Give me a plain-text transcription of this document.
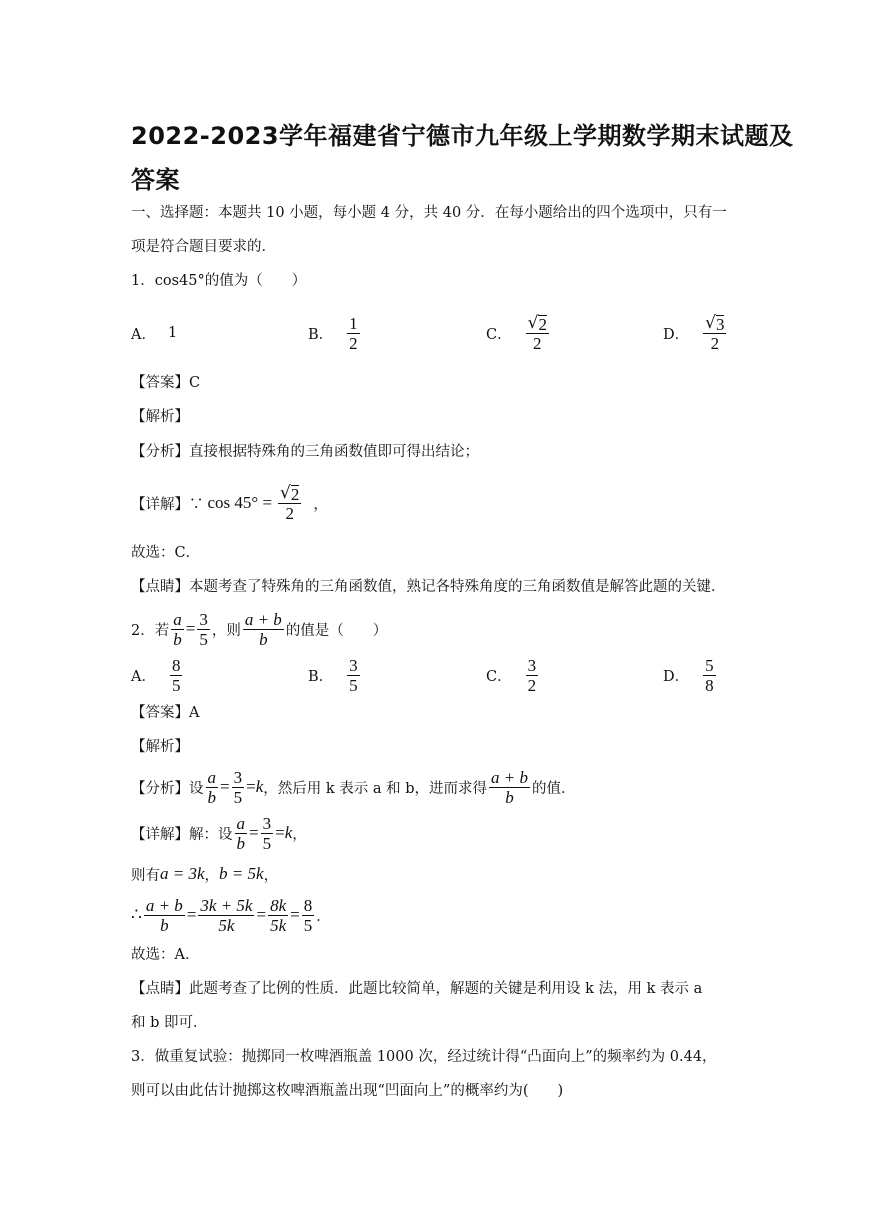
2022-2023学年福建省宁德市九年级上学期数学期末试题及
答案
一、选择题：本题共 10 小题，每小题 4 分，共 40 分．在每小题给出的四个选项中，只有一
项是符合题目要求的．
1．cos45°的值为（　　）
A． 1	B． $\frac{1}{2}$	C． $\frac{√ 2}{2}$	D． $\frac{√ 3}{2}$
【答案】C
【解析】
【分析】直接根据特殊角的三角函数值即可得出结论；
【详解】∵ $\cos 45^\circ = \frac{√ 2}{2}$ ，
故选：C．
【点睛】本题考查了特殊角的三角函数值，熟记各特殊角度的三角函数值是解答此题的关键．
2．若 $\frac{a}{b} = \frac{3}{5}$ ，则 $\frac{a + b}{b}$ 的值是（　　）
A． $\frac{8}{5}$	B． $\frac{3}{5}$	C． $\frac{3}{2}$	D． $\frac{5}{8}$
【答案】A
【解析】
【分析】设 $\frac{a}{b} = \frac{3}{5} = k$ ，然后用 k 表示 a 和 b，进而求得 $\frac{a + b}{b}$ 的值．
【详解】解：设 $\frac{a}{b} = \frac{3}{5} = k$ ，
则有 a = 3k ， b = 5k ，
∴ $\frac{a + b}{b} = \frac{3k + 5k}{5k} = \frac{8k}{5k} = \frac{8}{5}$ ．
故选：A．
【点睛】此题考查了比例的性质．此题比较简单，解题的关键是利用设 k 法，用 k 表示 a
和 b 即可．
3．做重复试验：抛掷同一枚啤酒瓶盖 1000 次，经过统计得“凸面向上”的频率约为 0.44，
则可以由此估计抛掷这枚啤酒瓶盖出现“凹面向上”的概率约为(　　)
